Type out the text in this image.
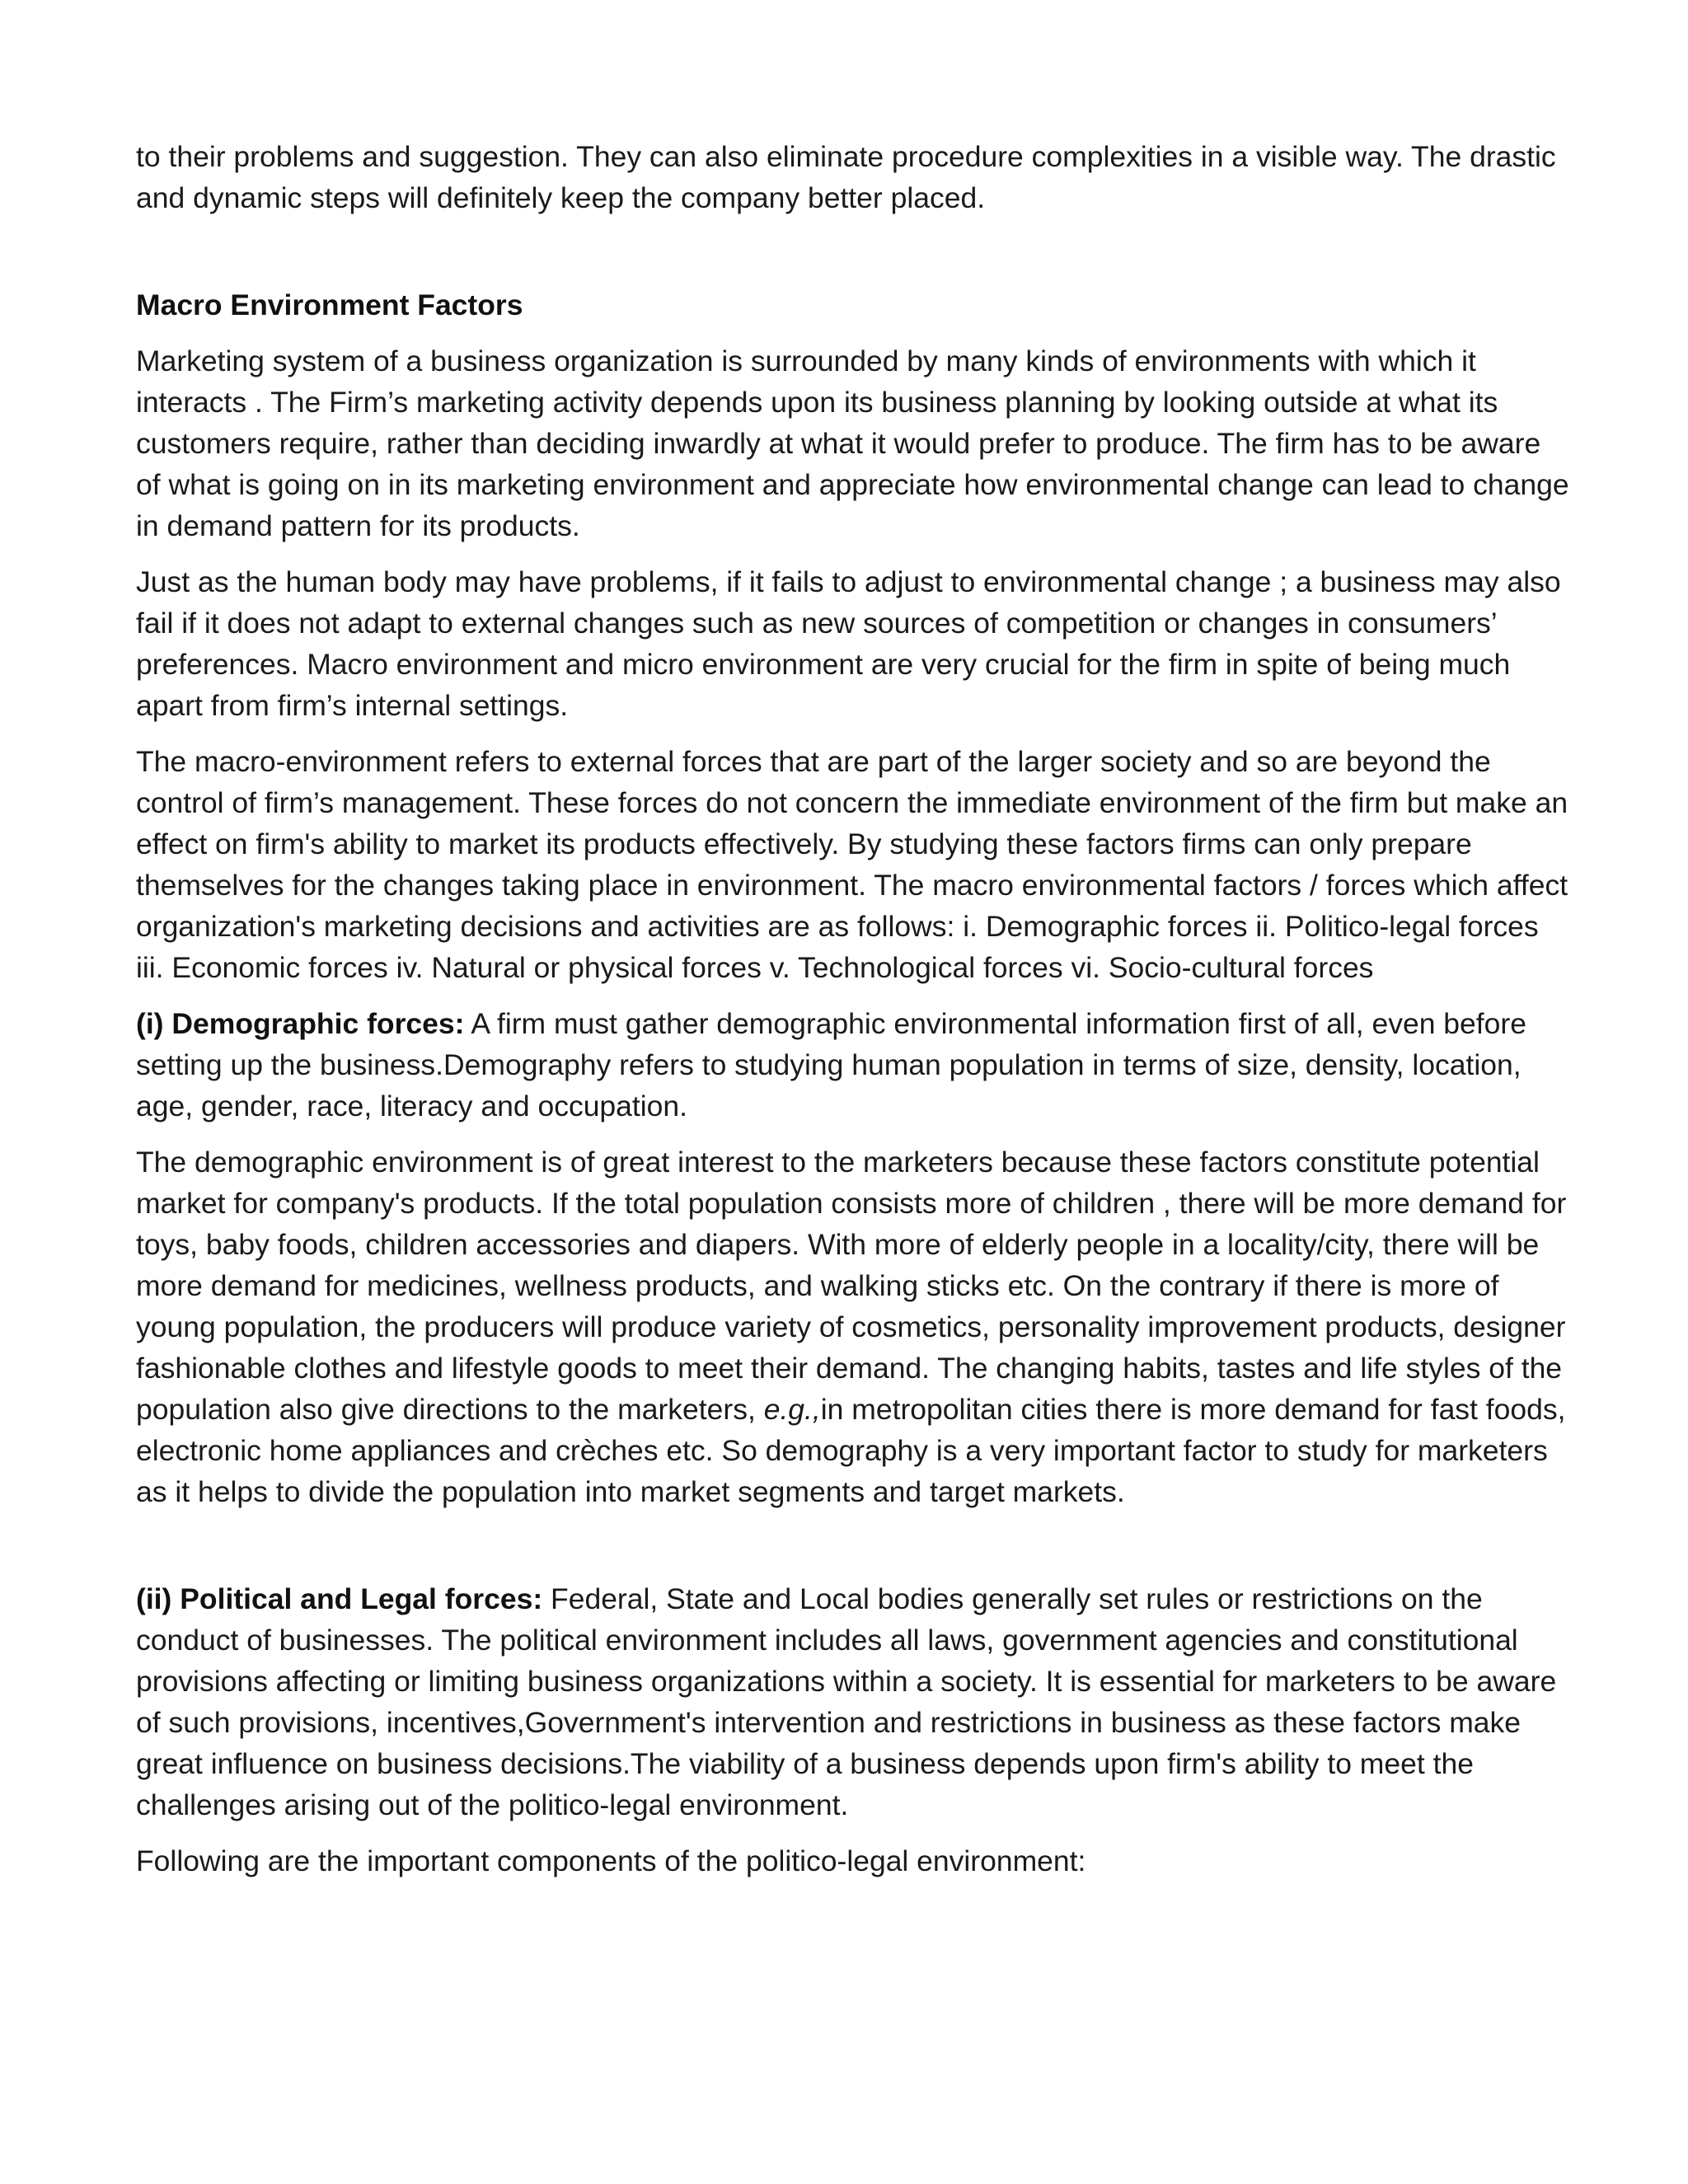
to their problems and suggestion. They can also eliminate procedure complexities in a visible way. The drastic and dynamic steps will definitely keep the company better placed.

Macro Environment Factors

Marketing system of a business organization is surrounded by many kinds of environments with which it interacts . The Firm’s marketing activity depends upon its business planning by looking outside at what its customers require, rather than deciding inwardly at what it would prefer to produce. The firm has to be aware of what is going on in its marketing environment and appreciate how environmental change can lead to change in demand pattern for its products.

Just as the human body may have problems, if it fails to adjust to environmental change ; a business may also fail if it does not adapt to external changes such as new sources of competition or changes in consumers’ preferences. Macro environment and micro environment are very crucial for the firm in spite of being much apart from firm’s internal settings.

The macro-environment refers to external forces that are part of the larger society and so are beyond the control of firm’s management. These forces do not concern the immediate environment of the firm but make an effect on firm's ability to market its products effectively. By studying these factors firms can only prepare themselves for the changes taking place in environment. The macro environmental factors / forces which affect organization's marketing decisions and activities are as follows: i. Demographic forces ii. Politico-legal forces iii. Economic forces iv. Natural or physical forces v. Technological forces vi. Socio-cultural forces

(i) Demographic forces: A firm must gather demographic environmental information first of all, even before setting up the business.Demography refers to studying human population in terms of size, density, location, age, gender, race, literacy and occupation.

The demographic environment is of great interest to the marketers because these factors constitute potential market for company's products. If the total population consists more of children , there will be more demand for toys, baby foods, children accessories and diapers. With more of elderly people in a locality/city, there will be more demand for medicines, wellness products, and walking sticks etc. On the contrary if there is more of young population, the producers will produce variety of cosmetics, personality improvement products, designer fashionable clothes and lifestyle goods to meet their demand. The changing habits, tastes and life styles of the population also give directions to the marketers, e.g.,in metropolitan cities there is more demand for fast foods, electronic home appliances and crèches etc. So demography is a very important factor to study for marketers as it helps to divide the population into market segments and target markets.

(ii) Political and Legal forces: Federal, State and Local bodies generally set rules or restrictions on the conduct of businesses. The political environment includes all laws, government agencies and constitutional provisions affecting or limiting business organizations within a society. It is essential for marketers to be aware of such provisions, incentives,Government's intervention and restrictions in business as these factors make great influence on business decisions.The viability of a business depends upon firm's ability to meet the challenges arising out of the politico-legal environment.

Following are the important components of the politico-legal environment:
